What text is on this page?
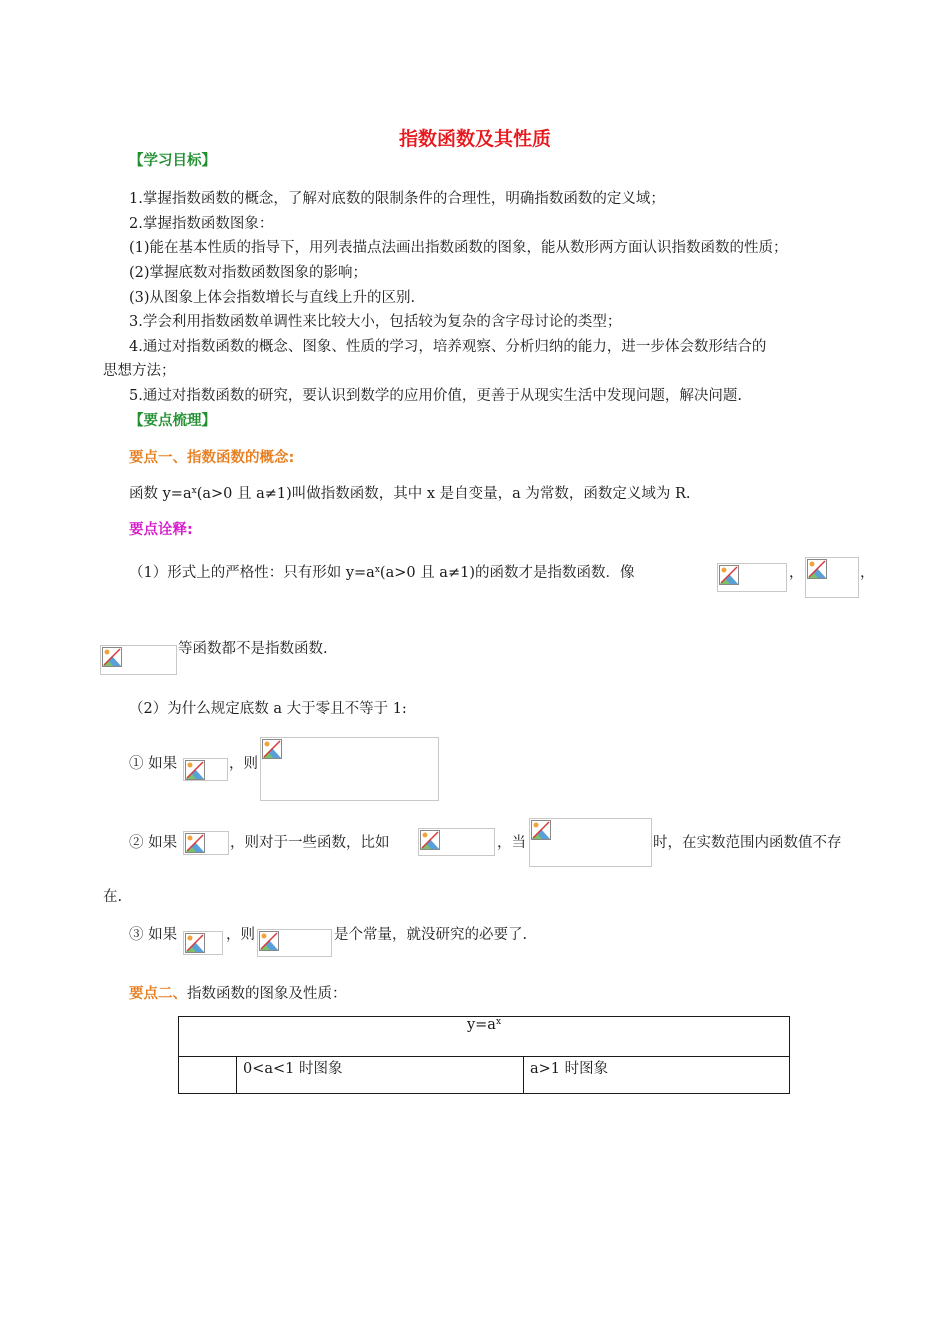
指数函数及其性质
【学习目标】
1.掌握指数函数的概念，了解对底数的限制条件的合理性，明确指数函数的定义域；
2.掌握指数函数图象：
(1)能在基本性质的指导下，用列表描点法画出指数函数的图象，能从数形两方面认识指数函数的性质；
(2)掌握底数对指数函数图象的影响；
(3)从图象上体会指数增长与直线上升的区别.
3.学会利用指数函数单调性来比较大小，包括较为复杂的含字母讨论的类型；
4.通过对指数函数的概念、图象、性质的学习，培养观察、分析归纳的能力，进一步体会数形结合的
思想方法；
5.通过对指数函数的研究，要认识到数学的应用价值，更善于从现实生活中发现问题，解决问题.
【要点梳理】
要点一、指数函数的概念:
函数 $y=a^x(a>0$ 且 a≠1)叫做指数函数，其中 x 是自变量，a 为常数，函数定义域为 R.
要点诠释:
（1）形式上的严格性：只有形如 $y=a^x(a>0$ 且 a≠1)的函数才是指数函数．像	，	，
等函数都不是指数函数.
（2）为什么规定底数 a 大于零且不等于 1:
① 如果	，则
② 如果	，则对于一些函数，比如	，当	时，在实数范围内函数值不存
在.
③ 如果	，则	是个常量，就没研究的必要了.
要点二、指数函数的图象及性质：
$y=a^x$
	0<a<1 时图象	a>1 时图象
